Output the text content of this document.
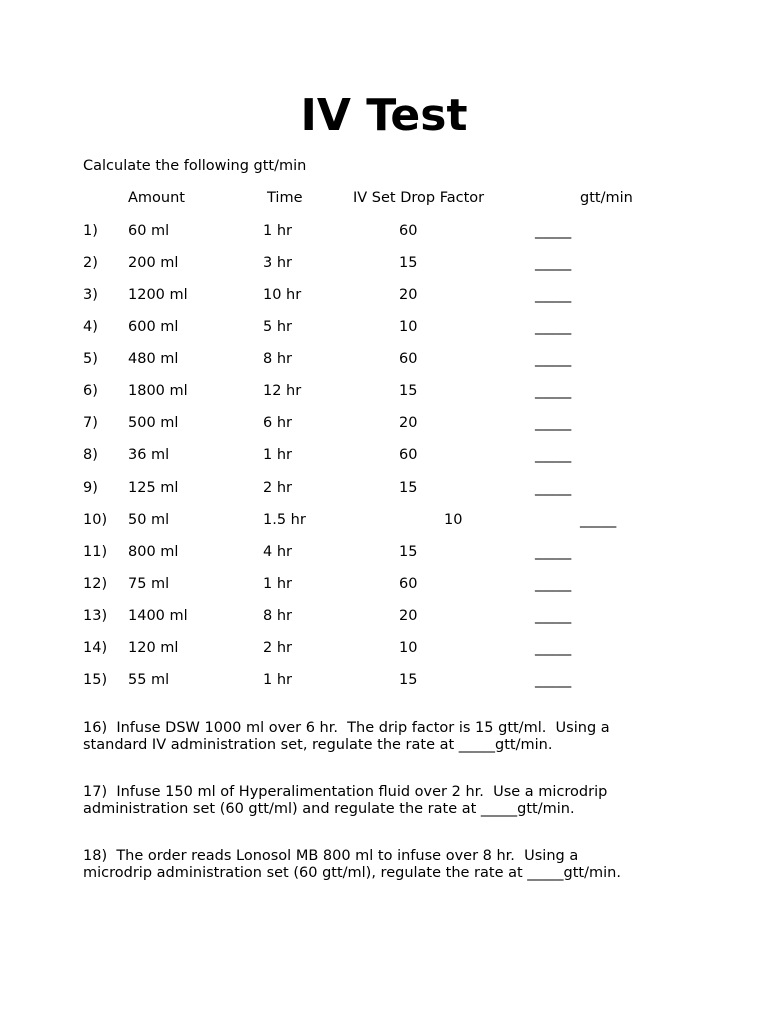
IV Test
Calculate the following gtt/min
Amount	Time	IV Set Drop Factor	gtt/min
1) 60 ml	1 hr	60	_____
2) 200 ml	3 hr	15	_____
3) 1200 ml	10 hr	20	_____
4) 600 ml	5 hr	10	_____
5) 480 ml	8 hr	60	_____
6) 1800 ml	12 hr	15	_____
7) 500 ml	6 hr	20	_____
8) 36 ml	1 hr	60	_____
9) 125 ml	2 hr	15	_____
10) 50 ml	1.5 hr	10	_____
11) 800 ml	4 hr	15	_____
12) 75 ml	1 hr	60	_____
13) 1400 ml	8 hr	20	_____
14) 120 ml	2 hr	10	_____
15) 55 ml	1 hr	15	_____
16)  Infuse DSW 1000 ml over 6 hr.  The drip factor is 15 gtt/ml.  Using a
standard IV administration set, regulate the rate at _____gtt/min.
17)  Infuse 150 ml of Hyperalimentation fluid over 2 hr.  Use a microdrip
administration set (60 gtt/ml) and regulate the rate at _____gtt/min.
18)  The order reads Lonosol MB 800 ml to infuse over 8 hr.  Using a
microdrip administration set (60 gtt/ml), regulate the rate at _____gtt/min.
